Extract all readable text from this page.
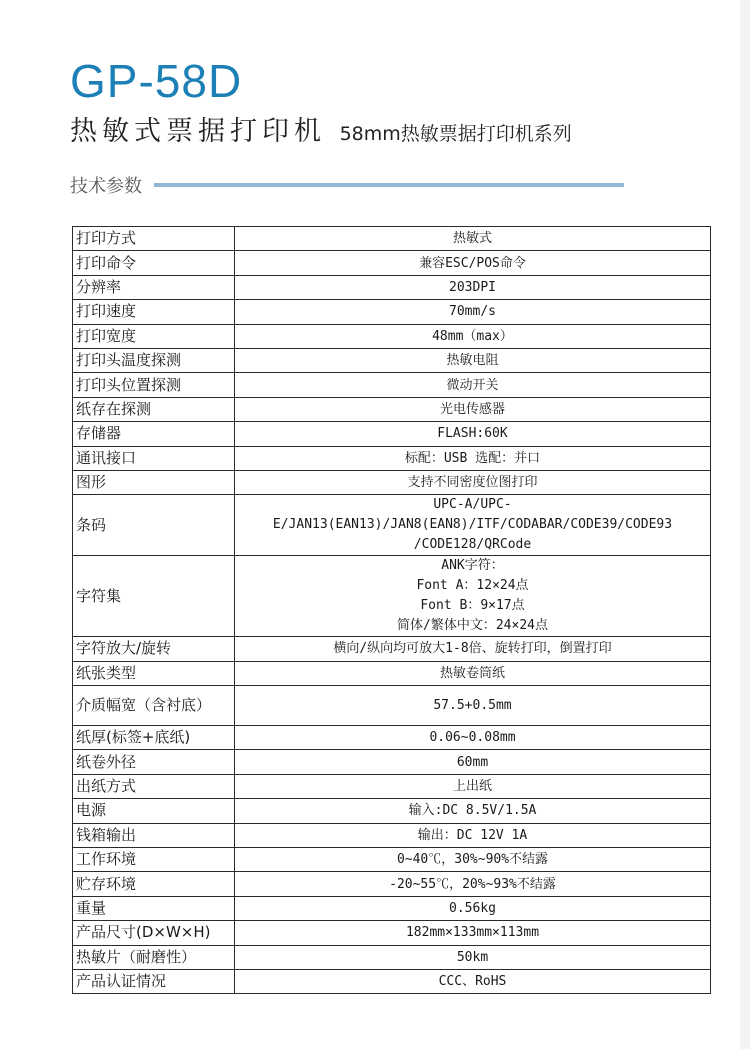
GP-58D
热敏式票据打印机 58mm热敏票据打印机系列
技术参数
打印方式	热敏式
打印命令	兼容ESC/POS命令
分辨率	203DPI
打印速度	70mm/s
打印宽度	48mm（max）
打印头温度探测	热敏电阻
打印头位置探测	微动开关
纸存在探测	光电传感器
存储器	FLASH:60K
通讯接口	标配：USB 选配：并口
图形	支持不同密度位图打印
条码	UPC-A/UPC-
E/JAN13(EAN13)/JAN8(EAN8)/ITF/CODABAR/CODE39/CODE93
/CODE128/QRCode

字符集	ANK字符：
Font A：12×24点
Font B：9×17点
简体/繁体中文：24×24点

字符放大/旋转	横向/纵向均可放大1-8倍、旋转打印，倒置打印
纸张类型	热敏卷筒纸
介质幅宽（含衬底）	57.5+0.5mm
纸厚(标签+底纸)	0.06~0.08mm
纸卷外径	60mm
出纸方式	上出纸
电源	输入:DC 8.5V/1.5A
钱箱输出	输出：DC 12V 1A
工作环境	0~40℃，30%~90%不结露
贮存环境	-20~55℃，20%~93%不结露
重量	0.56kg
产品尺寸(D×W×H)	182mm×133mm×113mm
热敏片（耐磨性）	50km
产品认证情况	CCC、RoHS
